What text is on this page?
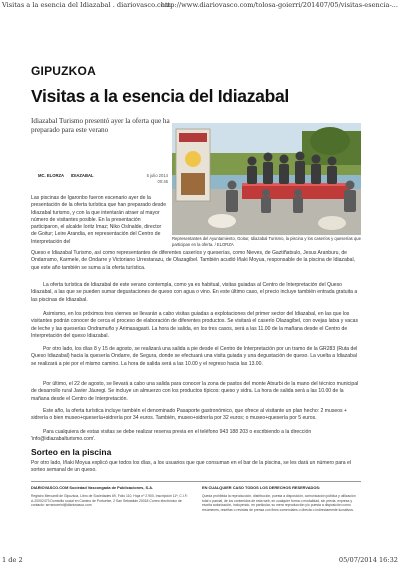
Visitas a la esencia del Idiazabal . diariovasco.com
http://www.diariovasco.com/tolosa-goierri/201407/05/visitas-esencia-...
GIPUZKOA
Visitas a la esencia del Idiazabal

Idiazabal Turismo presentó ayer la oferta que ha preparado para este verano

MC. ELORZA IDIAZABAL	5 julio 2014
00:46

Las piscinas de Igaronbo fueron escenario ayer de la presentación de la oferta turística que han preparado desde Idiazabal turismo, y con la que intentarán atraer al mayor número de visitantes posible. En la presentación participaron, el alcalde Ioritz Imaz; Niko Oslnalde, director de Goitur; Leire Arandia, en representación del Centro de Interpretación del

Representantes del Ayuntamiento, Goitur, Idiazabal Turismo, la piscina y los caseríos y queserías que participan en la oferta. / ELORZA

Queso e Idiazabal Turismo, así como representantes de diferentes caseríos y queserías, como Nieves, de Gaztiñatxulo, Jesus Aranburu, de Ondarramo, Karmele, de Ondarre y Victoriano Urrestarazu, de Olazagibel. También acudió Iñaki Moyua, responsable de la piscina de Idiazabal, que este año también se suma a la oferta turística.

La oferta turística de Idiazabal de este verano contempla, como ya es habitual, visitas guiadas al Centro de Interpretación del Queso Idiazabal, a las que se pueden sumar degustaciones de queso con agua o vino. En este último caso, el precio incluye también entrada gratuita a las piscinas de Idiazabal.

Asimismo, en los próximos tres viernes se llevarán a cabo visitas guiadas a explotaciones del primer sector del Idiazabal, en las que los visitantes podrán conocer de cerca el proceso de elaboración de diferentes productos. Se visitará el caserío Olazagibel, con ovejas latxa y vacas de leche y las queserías Ondramuño y Arimasagasti. La hora de salida, en los tres casos, será a las 11.00 de la mañana desde el Centro de Interpretación del queso Idiazabal.

Por otro lado, los días 8 y 15 de agosto, se realizará una salida a pie desde el Centro de Interpretación por un tramo de la GR283 (Ruta del Queso Idiazabal) hacia la quesería Ondarre, de Segura, donde se efectuará una visita guiada y una degustación de queso. La vuelta a Idiazabal se realizará a pie por el mismo camino. La hora de salida será a las 10.00 y el regreso hacia las 13.00.

Por último, el 22 de agosto, se llevará a cabo una salida para conocer la zona de pastos del monte Atxurbi de la mano del técnico municipal de desarrollo rural Javier Jáuregi. Se incluye un almuerzo con los productos típicos: queso y sidra. La hora de salida será a las 10.00 de la mañana desde el Centro de Interpretación.

Este año, la oferta turística incluye también el denominado Pasaporte gastronómico, que ofrece al visitante un plan hecho: 2 museos + sidrería o bien museo+quesería+sidrería por 34 euros. También, museo+sidrería por 32 euros; o museo+quesería por 5 euros.

Para cualquiera de estas visitas se debe realizar reserva previa en el teléfono 943 188 203 o escribiendo a la dirección 'info@idiazabalturismo.com'.

Sorteo en la piscina

Por otro lado, Iñaki Moyua explicó que todos los días, a los usuarios que que consuman en el bar de la piscina, se les dará un número para el sorteo semanal de un queso.

DIARIOVASCO.COM Sociedad Vascongada de Publicaciones, S.A.
Registro Mercantil de Gipuzkoa, Libro de Sociedades 69, Folio 110, Hoja nº 2.900, Inscripción 11ª, C.I.F.: A-20002473 Domicilio social en Camino de Portuetxe, 2 San Sebastián 20018 Correo electrónico de contacto: srrrarcomini@diariovasco.com
EN CUALQUIER CASO TODOS LOS DERECHOS RESERVADOS:
Queda prohibida la reproducción, distribución, puesta a disposición, comunicación pública y utilización total o parcial, de los contenidos de esta web, en cualquier forma o modalidad, sin previa, expresa y escrita autorización, incluyendo, en particular, su mera reproducción y/o puesta a disposición como resúmenes, reseñas o revistas de prensa con fines comerciales o directa o indirectamente lucrativos.
1 de 2	05/07/2014 16:32
